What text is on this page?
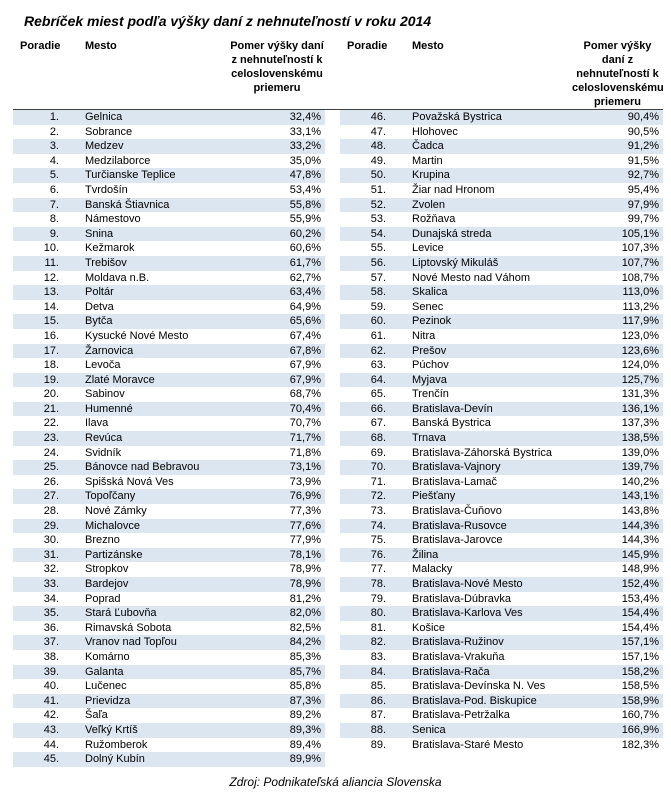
Rebríček miest podľa výšky daní z nehnuteľností v roku 2014
Poradie	Mesto	Pomer výšky daní z nehnuteľností k celoslovenskému priemeru		Poradie	Mesto	Pomer výšky daní z nehnuteľností k celoslovenskému priemeru
1.	Gelnica	32,4%		46.	Považská Bystrica	90,4%
2.	Sobrance	33,1%		47.	Hlohovec	90,5%
3.	Medzev	33,2%		48.	Čadca	91,2%
4.	Medzilaborce	35,0%		49.	Martin	91,5%
5.	Turčianske Teplice	47,8%		50.	Krupina	92,7%
6.	Tvrdošín	53,4%		51.	Žiar nad Hronom	95,4%
7.	Banská Štiavnica	55,8%		52.	Zvolen	97,9%
8.	Námestovo	55,9%		53.	Rožňava	99,7%
9.	Snina	60,2%		54.	Dunajská streda	105,1%
10.	Kežmarok	60,6%		55.	Levice	107,3%
11.	Trebišov	61,7%		56.	Liptovský Mikuláš	107,7%
12.	Moldava n.B.	62,7%		57.	Nové Mesto nad Váhom	108,7%
13.	Poltár	63,4%		58.	Skalica	113,0%
14.	Detva	64,9%		59.	Senec	113,2%
15.	Bytča	65,6%		60.	Pezinok	117,9%
16.	Kysucké Nové Mesto	67,4%		61.	Nitra	123,0%
17.	Žarnovica	67,8%		62.	Prešov	123,6%
18.	Levoča	67,9%		63.	Púchov	124,0%
19.	Zlaté Moravce	67,9%		64.	Myjava	125,7%
20.	Sabinov	68,7%		65.	Trenčín	131,3%
21.	Humenné	70,4%		66.	Bratislava-Devín	136,1%
22.	Ilava	70,7%		67.	Banská Bystrica	137,3%
23.	Revúca	71,7%		68.	Trnava	138,5%
24.	Svidník	71,8%		69.	Bratislava-Záhorská Bystrica	139,0%
25.	Bánovce nad Bebravou	73,1%		70.	Bratislava-Vajnory	139,7%
26.	Spišská Nová Ves	73,9%		71.	Bratislava-Lamač	140,2%
27.	Topoľčany	76,9%		72.	Piešťany	143,1%
28.	Nové Zámky	77,3%		73.	Bratislava-Čuňovo	143,8%
29.	Michalovce	77,6%		74.	Bratislava-Rusovce	144,3%
30.	Brezno	77,9%		75.	Bratislava-Jarovce	144,3%
31.	Partizánske	78,1%		76.	Žilina	145,9%
32.	Stropkov	78,9%		77.	Malacky	148,9%
33.	Bardejov	78,9%		78.	Bratislava-Nové Mesto	152,4%
34.	Poprad	81,2%		79.	Bratislava-Dúbravka	153,4%
35.	Stará Ľubovňa	82,0%		80.	Bratislava-Karlova Ves	154,4%
36.	Rimavská Sobota	82,5%		81.	Košice	154,4%
37.	Vranov nad Topľou	84,2%		82.	Bratislava-Ružinov	157,1%
38.	Komárno	85,3%		83.	Bratislava-Vrakuňa	157,1%
39.	Galanta	85,7%		84.	Bratislava-Rača	158,2%
40.	Lučenec	85,8%		85.	Bratislava-Devínska N. Ves	158,5%
41.	Prievidza	87,3%		86.	Bratislava-Pod. Biskupice	158,9%
42.	Šaľa	89,2%		87.	Bratislava-Petržalka	160,7%
43.	Veľký Krtíš	89,3%		88.	Senica	166,9%
44.	Ružomberok	89,4%		89.	Bratislava-Staré Mesto	182,3%
45.	Dolný Kubín	89,9%				
Zdroj: Podnikateľská aliancia Slovenska
